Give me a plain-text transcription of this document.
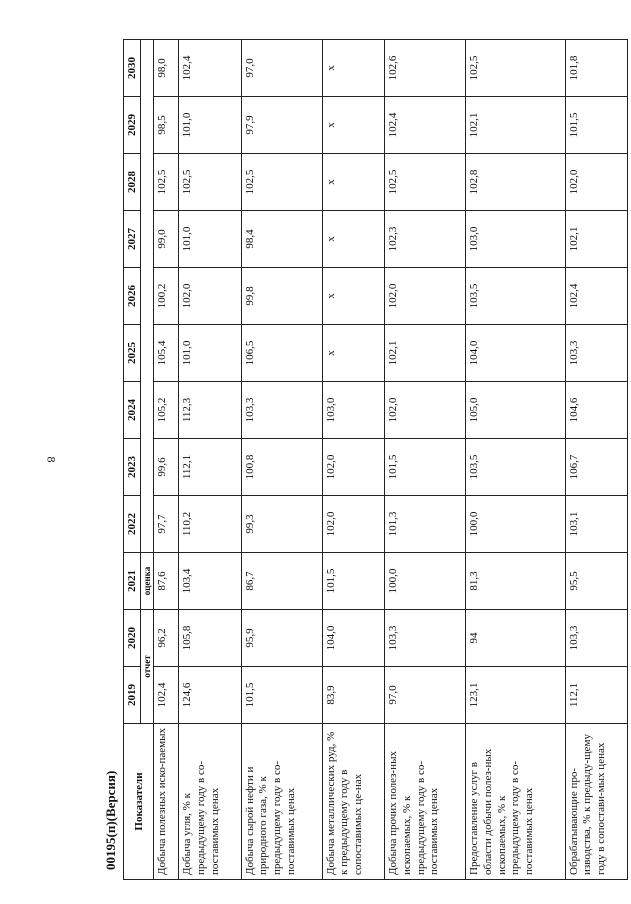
8
Показатели	2019	2020	2021	2022	2023	2024	2025	2026	2027	2028	2029	2030
	отчет		оценка									
Добыча полезных иско-паемых	102,4	96,2	87,6	97,7	99,6	105,2	105,4	100,2	99,0	102,5	98,5	98,0
Добыча угля, % к предыдущему году в со-поставимых ценах	124,6	105,8	103,4	110,2	112,1	112,3	101,0	102,0	101,0	102,5	101,0	102,4
Добыча сырой нефти и природного газа, % к предыдущему году в со-поставимых ценах	101,5	95,9	86,7	99,3	100,8	103,3	106,5	99,8	98,4	102,5	97,9	97,0
Добыча металлических руд, % к предыдущему году в сопоставимых це-нах	83,9	104,0	101,5	102,0	102,0	103,0	x	x	x	x	x	x
Добыча прочих полез-ных ископаемых, % к предыдущему году в со-поставимых ценах	97,0	103,3	100,0	101,3	101,5	102,0	102,1	102,0	102,3	102,5	102,4	102,6
Предоставление услуг в области добычи полез-ных ископаемых, % к предыдущему году в со-поставимых ценах	123,1	94	81,3	100,0	103,5	105,0	104,0	103,5	103,0	102,8	102,1	102,5
Обрабатывающие про-изводства, % к предыду-щему году в сопостави-мых ценах	112,1	103,3	95,5	103,1	106,7	104,6	103,3	102,4	102,1	102,0	101,5	101,8
00195(п)(Версия)
